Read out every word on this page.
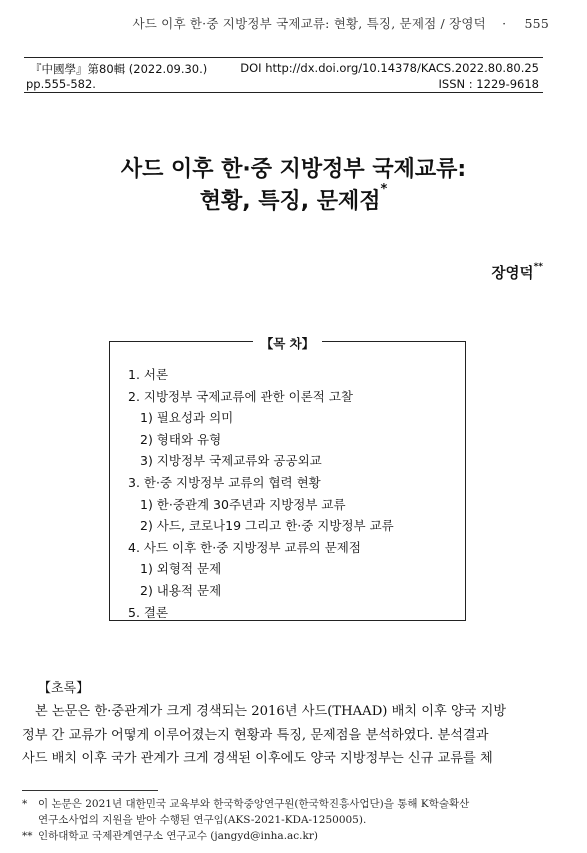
사드 이후 한·중 지방정부 국제교류: 현황, 특징, 문제점 / 장영덕 · 555
『中國學』第80輯 (2022.09.30.)
pp.555-582.
DOI http://dx.doi.org/10.14378/KACS.2022.80.80.25
ISSN : 1229-9618
사드 이후 한·중 지방정부 국제교류:
현황, 특징, 문제점*
장영덕**
【목 차】
1. 서론
2. 지방정부 국제교류에 관한 이론적 고찰
1) 필요성과 의미
2) 형태와 유형
3) 지방정부 국제교류와 공공외교
3. 한·중 지방정부 교류의 협력 현황
1) 한·중관계 30주년과 지방정부 교류
2) 사드, 코로나19 그리고 한·중 지방정부 교류
4. 사드 이후 한·중 지방정부 교류의 문제점
1) 외형적 문제
2) 내용적 문제
5. 결론
【초록】
본 논문은 한·중관계가 크게 경색되는 2016년 사드(THAAD) 배치 이후 양국 지방
정부 간 교류가 어떻게 이루어졌는지 현황과 특징, 문제점을 분석하였다. 분석결과
사드 배치 이후 국가 관계가 크게 경색된 이후에도 양국 지방정부는 신규 교류를 체
* 이 논문은 2021년 대한민국 교육부와 한국학중앙연구원(한국학진흥사업단)을 통해 K학술확산
연구소사업의 지원을 받아 수행된 연구임(AKS-2021-KDA-1250005).
** 인하대학교 국제관계연구소 연구교수 (jangyd@inha.ac.kr)
